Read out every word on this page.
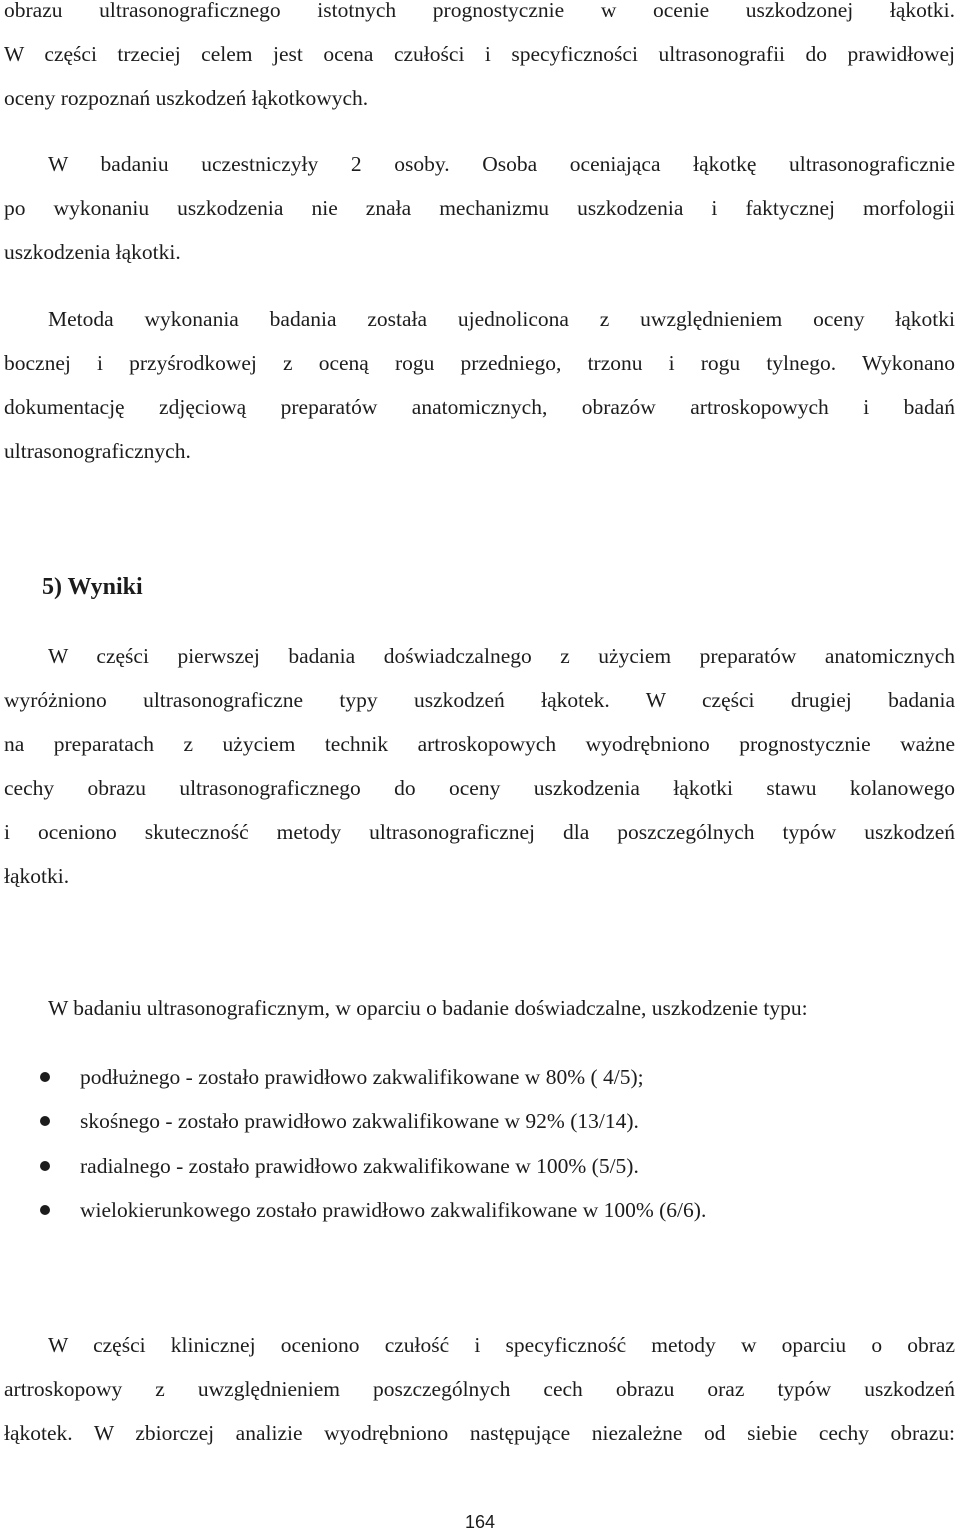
obrazu ultrasonograficznego istotnych prognostycznie w ocenie uszkodzonej łąkotki.
W części trzeciej celem jest ocena czułości i specyficzności ultrasonografii do prawidłowej
oceny rozpoznań uszkodzeń łąkotkowych.
W badaniu uczestniczyły 2 osoby. Osoba oceniająca łąkotkę ultrasonograficznie
po wykonaniu uszkodzenia nie znała mechanizmu uszkodzenia i faktycznej morfologii
uszkodzenia łąkotki.
Metoda wykonania badania została ujednolicona z uwzględnieniem oceny łąkotki
bocznej i przyśrodkowej z oceną rogu przedniego, trzonu i rogu tylnego. Wykonano
dokumentację zdjęciową preparatów anatomicznych, obrazów artroskopowych i badań
ultrasonograficznych.
5) Wyniki
W części pierwszej badania doświadczalnego z użyciem preparatów anatomicznych
wyróżniono ultrasonograficzne typy uszkodzeń łąkotek. W części drugiej badania
na preparatach z użyciem technik artroskopowych wyodrębniono prognostycznie ważne
cechy obrazu ultrasonograficznego do oceny uszkodzenia łąkotki stawu kolanowego
i oceniono skuteczność metody ultrasonograficznej dla poszczególnych typów uszkodzeń
łąkotki.
W badaniu ultrasonograficznym, w oparciu o badanie doświadczalne, uszkodzenie typu:
podłużnego - zostało prawidłowo zakwalifikowane w 80% ( 4/5);
skośnego - zostało prawidłowo zakwalifikowane w 92% (13/14).
radialnego - zostało prawidłowo zakwalifikowane w 100% (5/5).
wielokierunkowego zostało prawidłowo zakwalifikowane w 100% (6/6).
W części klinicznej oceniono czułość i specyficzność metody w oparciu o obraz
artroskopowy z uwzględnieniem poszczególnych cech obrazu oraz typów uszkodzeń
łąkotek. W zbiorczej analizie wyodrębniono następujące niezależne od siebie cechy obrazu:
164
